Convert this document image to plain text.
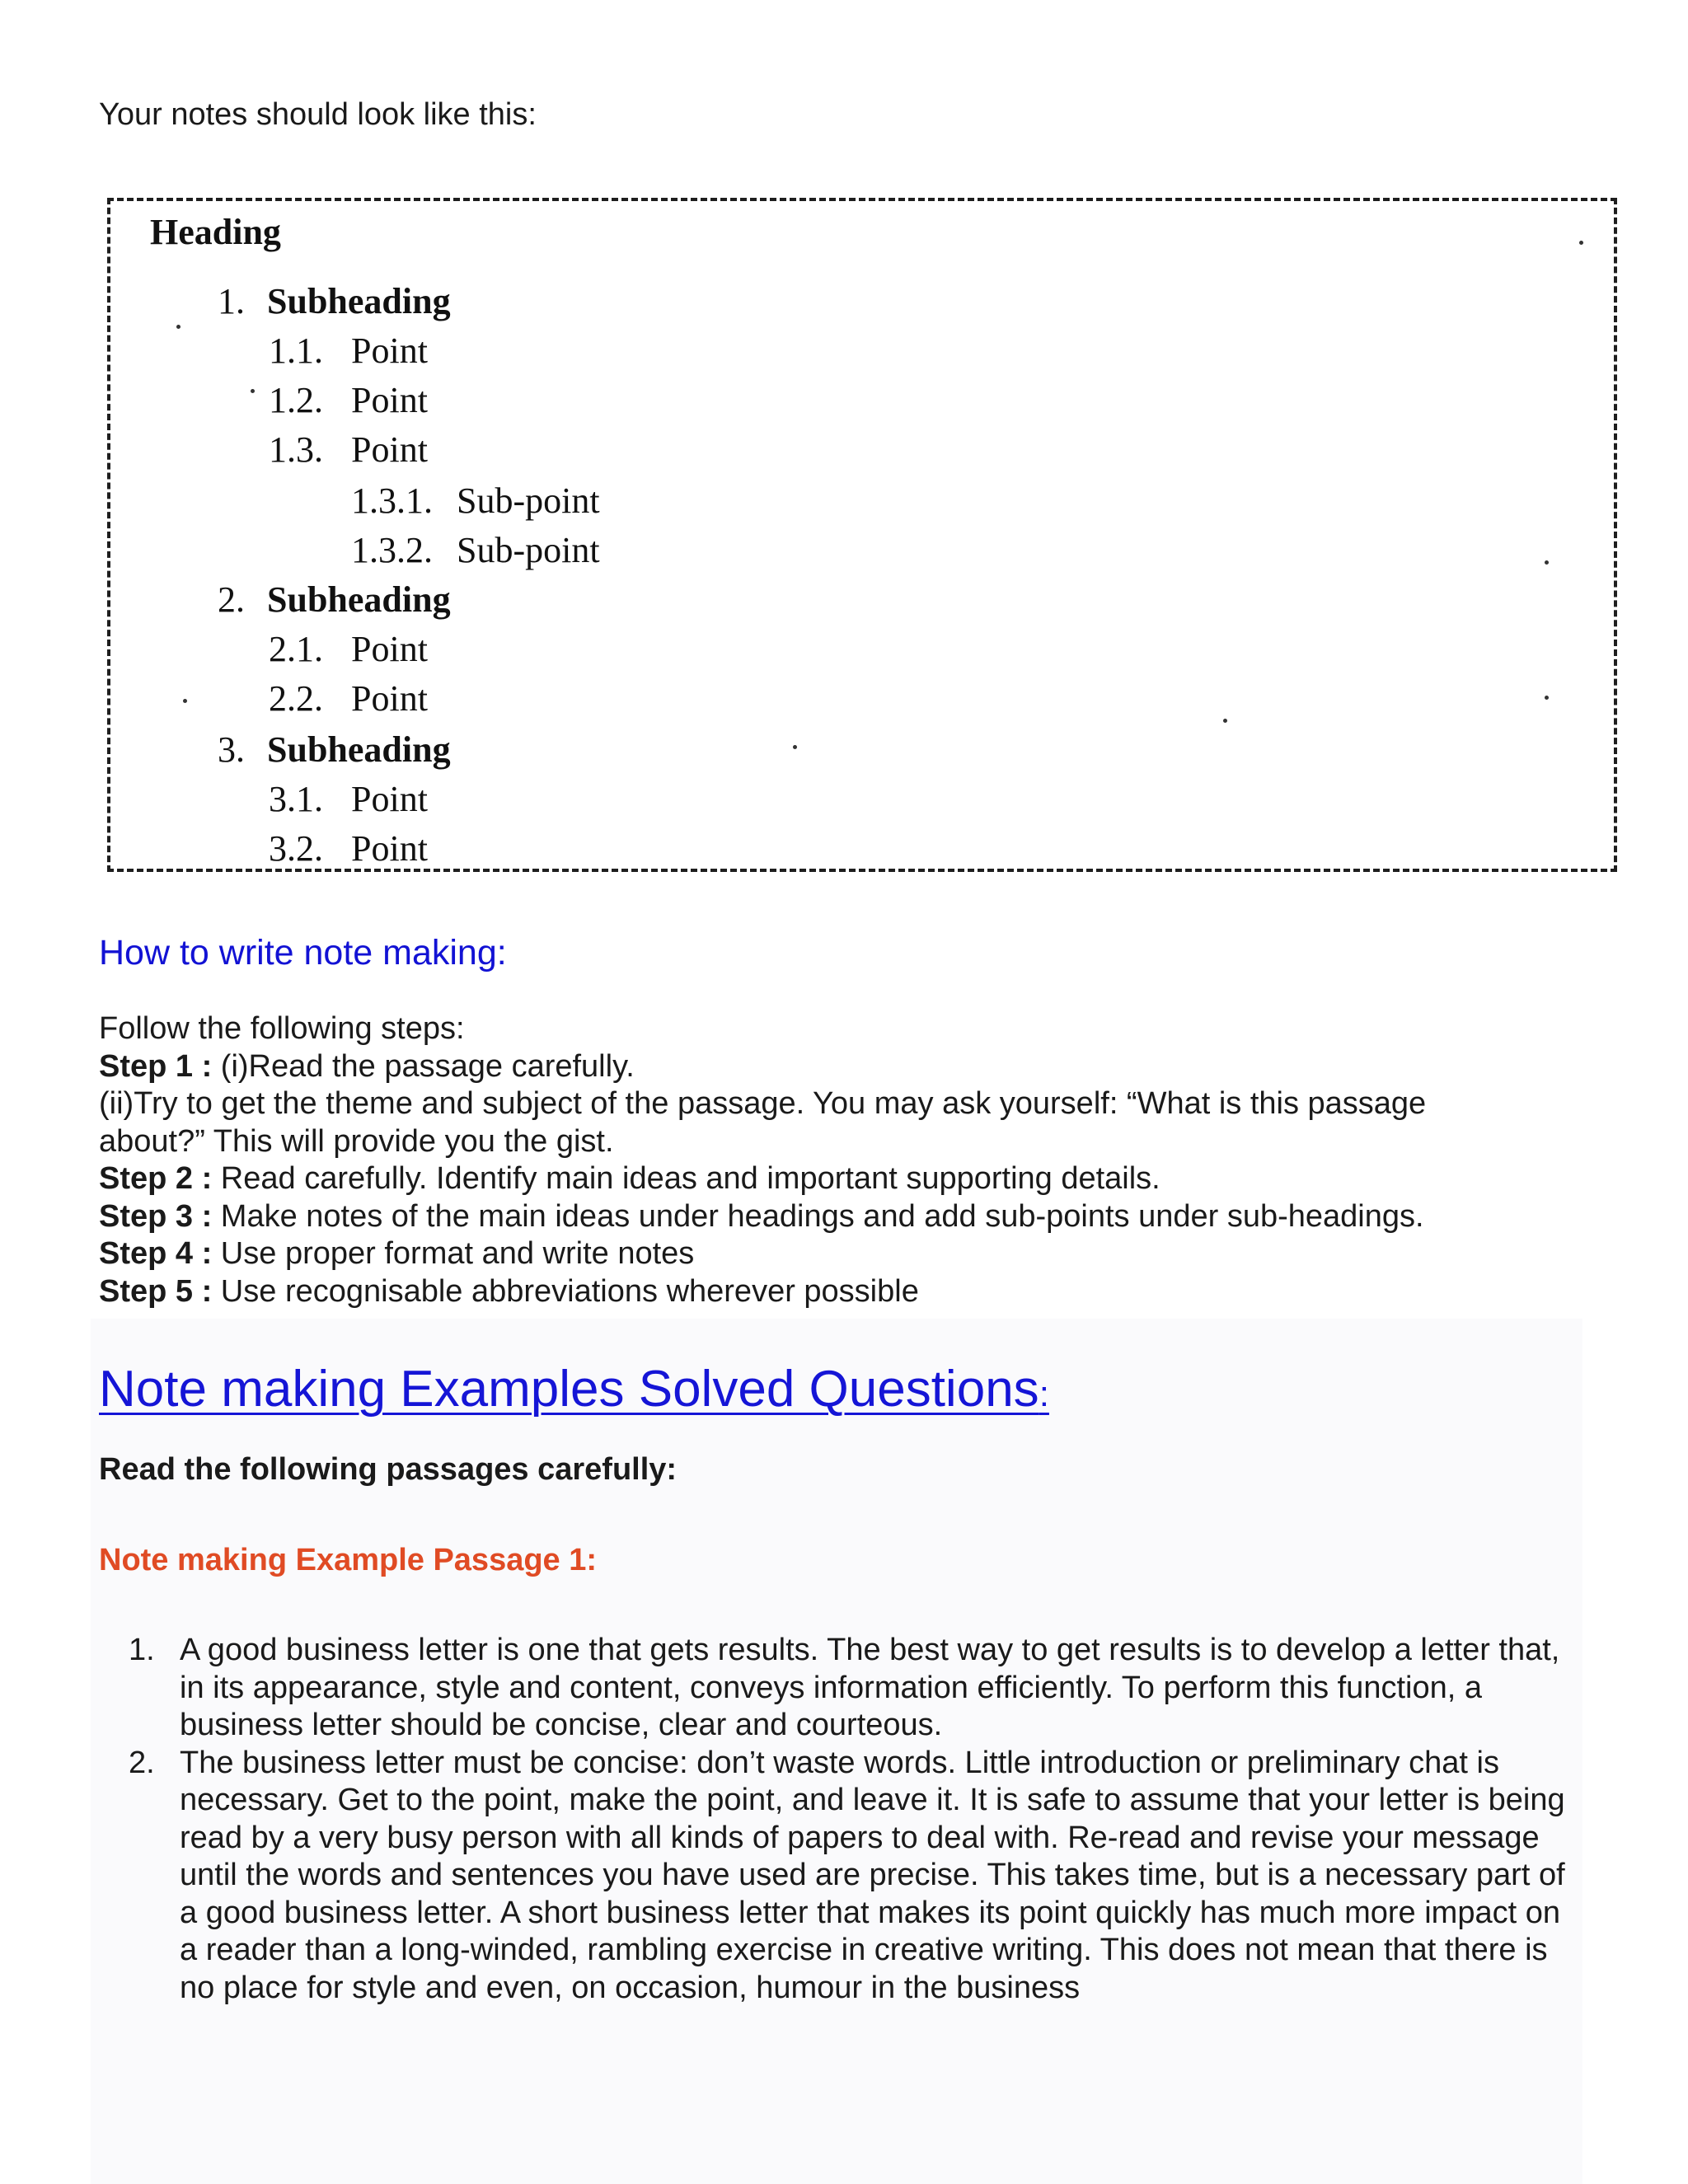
Your notes should look like this:

Heading
1. Subheading
1.1. Point
1.2. Point
1.3. Point
1.3.1. Sub-point
1.3.2. Sub-point
2. Subheading
2.1. Point
2.2. Point
3. Subheading
3.1. Point
3.2. Point
How to write note making:

Follow the following steps:

Step 1 : (i)Read the passage carefully.

(ii)Try to get the theme and subject of the passage. You may ask yourself: “What is this passage about?” This will provide you the gist.

Step 2 : Read carefully. Identify main ideas and important supporting details.

Step 3 : Make notes of the main ideas under headings and add sub-points under sub-headings.

Step 4 : Use proper format and write notes

Step 5 : Use recognisable abbreviations wherever possible

Note making Examples Solved Questions:

Read the following passages carefully:

Note making Example Passage 1:

1. A good business letter is one that gets results. The best way to get results is to develop a letter that, in its appearance, style and content, conveys information efficiently. To perform this function, a business letter should be concise, clear and courteous.
2. The business letter must be concise: don’t waste words. Little introduction or preliminary chat is necessary. Get to the point, make the point, and leave it. It is safe to assume that your letter is being read by a very busy person with all kinds of papers to deal with. Re-read and revise your message until the words and sentences you have used are precise. This takes time, but is a necessary part of a good business letter. A short business letter that makes its point quickly has much more impact on a reader than a long-winded, rambling exercise in creative writing. This does not mean that there is no place for style and even, on occasion, humour in the business
